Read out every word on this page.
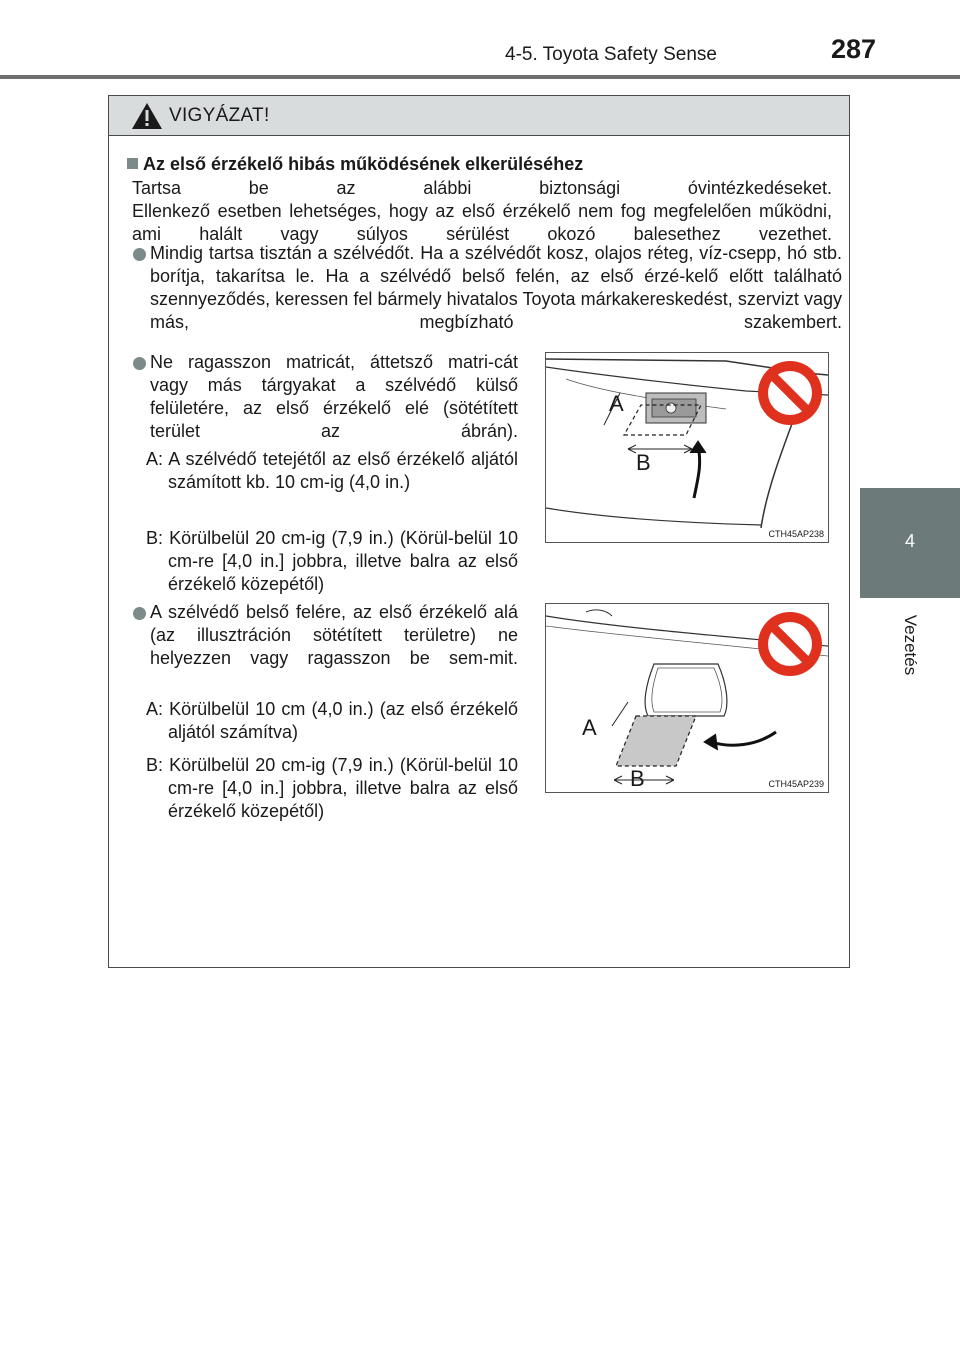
4-5. Toyota Safety Sense	287
4
Vezetés
VIGYÁZAT!
Az első érzékelő hibás működésének elkerüléséhez
Tartsa be az alábbi biztonsági óvintézkedéseket.
Ellenkező esetben lehetséges, hogy az első érzékelő nem fog megfelelően működni, ami halált vagy súlyos sérülést okozó balesethez vezethet.
Mindig tartsa tisztán a szélvédőt. Ha a szélvédőt kosz, olajos réteg, víz-csepp, hó stb. borítja, takarítsa le. Ha a szélvédő belső felén, az első érzé-kelő előtt található szennyeződés, keressen fel bármely hivatalos Toyota márkakereskedést, szervizt vagy más, megbízható szakembert.
Ne ragasszon matricát, áttetsző matri-cát vagy más tárgyakat a szélvédő külső felületére, az első érzékelő elé (sötétített terület az ábrán).
A: A szélvédő tetejétől az első érzékelő aljától számított kb. 10 cm-ig (4,0 in.)
B: Körülbelül 20 cm-ig (7,9 in.) (Körül-belül 10 cm-re [4,0 in.] jobbra, illetve balra az első érzékelő közepétől)
A szélvédő belső felére, az első érzékelő alá (az illusztráción sötétített területre) ne helyezzen vagy ragasszon be sem-mit.
A: Körülbelül 10 cm (4,0 in.) (az első érzékelő aljától számítva)
B: Körülbelül 20 cm-ig (7,9 in.) (Körül-belül 10 cm-re [4,0 in.] jobbra, illetve balra az első érzékelő közepétől)
A
B
CTH45AP238
A
B	CTH45AP239
